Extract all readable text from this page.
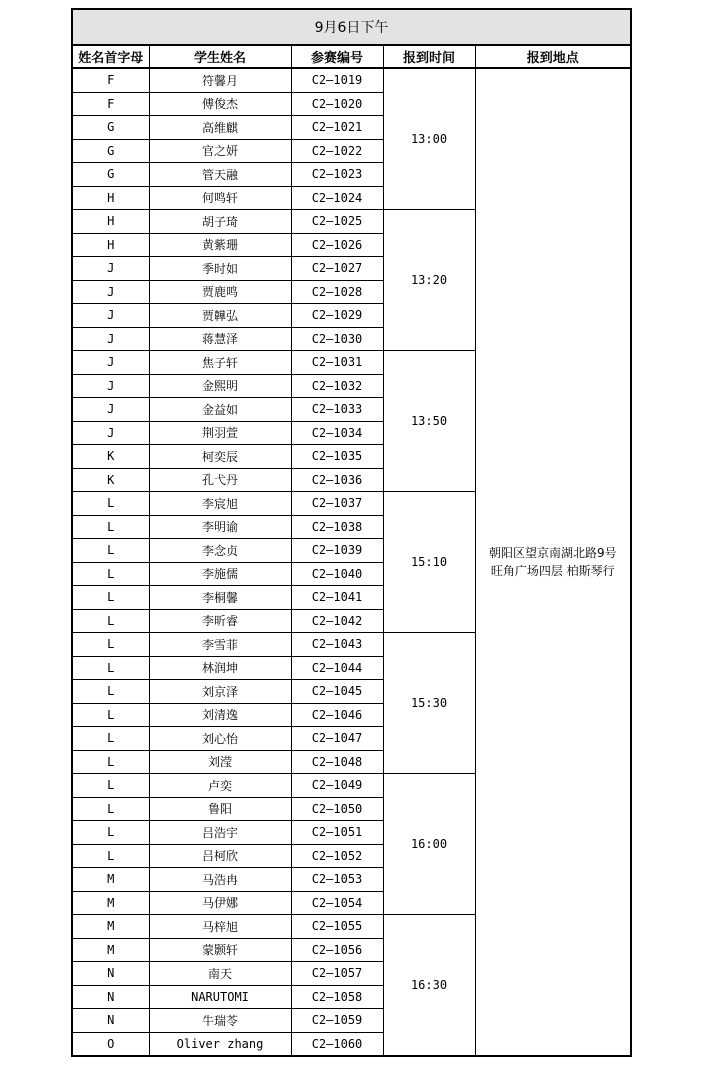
9月6日下午				
姓名首字母	学生姓名	参赛编号	报到时间	报到地点
F	符馨月	C2—1019	13:00	朝阳区望京南湖北路9号
旺角广场四层 柏斯琴行

F	傅俊杰	C2—1020		
G	高维麒	C2—1021		
G	官之妍	C2—1022		
G	管天融	C2—1023		
H	何鸣轩	C2—1024		
H	胡子琦	C2—1025	13:20	
H	黄紫珊	C2—1026		
J	季时如	C2—1027		
J	贾鹿鸣	C2—1028		
J	贾韡弘	C2—1029		
J	蒋慧泽	C2—1030		
J	焦子轩	C2—1031	13:50	
J	金熙明	C2—1032		
J	金益如	C2—1033		
J	荆羽萱	C2—1034		
K	柯奕辰	C2—1035		
K	孔弋丹	C2—1036		
L	李宸旭	C2—1037	15:10	
L	李明谕	C2—1038		
L	李念贞	C2—1039		
L	李施儒	C2—1040		
L	李桐馨	C2—1041		
L	李昕睿	C2—1042		
L	李雪菲	C2—1043	15:30	
L	林润坤	C2—1044		
L	刘京泽	C2—1045		
L	刘清逸	C2—1046		
L	刘心怡	C2—1047		
L	刘滢	C2—1048		
L	卢奕	C2—1049	16:00	
L	鲁阳	C2—1050		
L	吕浩宇	C2—1051		
L	吕柯欣	C2—1052		
M	马浩冉	C2—1053		
M	马伊娜	C2—1054		
M	马梓旭	C2—1055	16:30	
M	蒙颢轩	C2—1056		
N	南天	C2—1057		
N	NARUTOMI	C2—1058		
N	牛瑞苓	C2—1059		
O	Oliver zhang	C2—1060		
